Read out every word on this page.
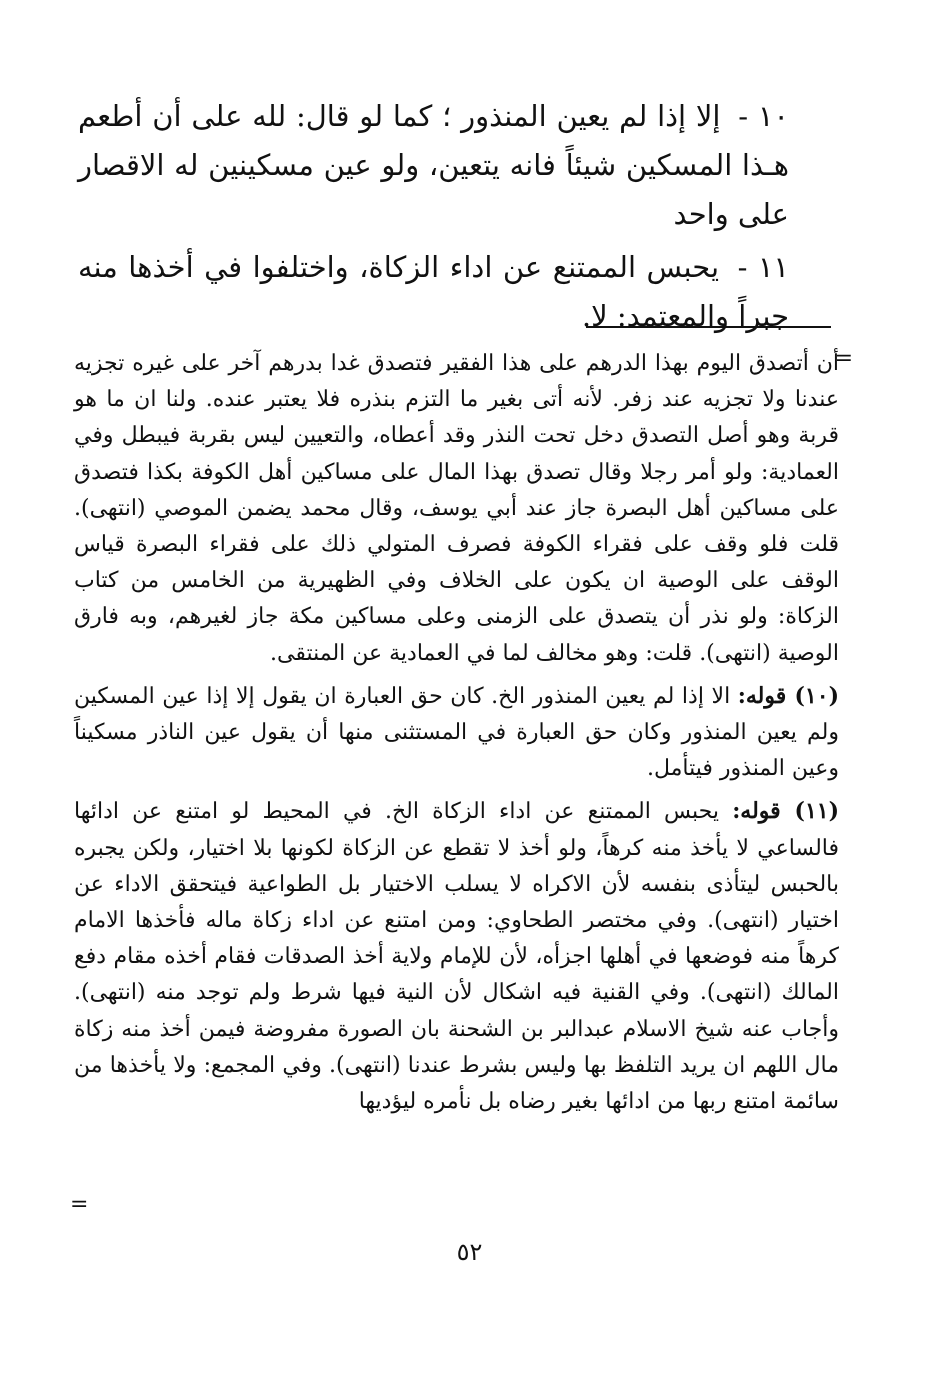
١٠ - إلا إذا لم يعين المنذور ؛ كما لو قال: لله على أن أطعم هـذا المسكين شيئاً فانه يتعين، ولو عين مسكينين له الاقصار على واحد

١١ - يحبس الممتنع عن اداء الزكاة، واختلفوا في أخذها منه جبراً والمعتمد: لا.

=

أن أتصدق اليوم بهذا الدرهم على هذا الفقير فتصدق غدا بدرهم آخر على غيره تجزيه عندنا ولا تجزيه عند زفر. لأنه أتى بغير ما التزم بنذره فلا يعتبر عنده. ولنا ان ما هو قربة وهو أصل التصدق دخل تحت النذر وقد أعطاه، والتعيين ليس بقربة فيبطل وفي العمادية: ولو أمر رجلا وقال تصدق بهذا المال على مساكين أهل الكوفة بكذا فتصدق على مساكين أهل البصرة جاز عند أبي يوسف، وقال محمد يضمن الموصي (انتهى). قلت فلو وقف على فقراء الكوفة فصرف المتولي ذلك على فقراء البصرة قياس الوقف على الوصية ان يكون على الخلاف وفي الظهيرية من الخامس من كتاب الزكاة: ولو نذر أن يتصدق على الزمنى وعلى مساكين مكة جاز لغيرهم، وبه فارق الوصية (انتهى). قلت: وهو مخالف لما في العمادية عن المنتقى.

(١٠) قوله: الا إذا لم يعين المنذور الخ. كان حق العبارة ان يقول إلا إذا عين المسكين ولم يعين المنذور وكان حق العبارة في المستثنى منها أن يقول عين الناذر مسكيناً وعين المنذور فيتأمل.

(١١) قوله: يحبس الممتنع عن اداء الزكاة الخ. في المحيط لو امتنع عن ادائها فالساعي لا يأخذ منه كرهاً، ولو أخذ لا تقطع عن الزكاة لكونها بلا اختيار، ولكن يجبره بالحبس ليتأذى بنفسه لأن الاكراه لا يسلب الاختيار بل الطواعية فيتحقق الاداء عن اختيار (انتهى). وفي مختصر الطحاوي: ومن امتنع عن اداء زكاة ماله فأخذها الامام كرهاً منه فوضعها في أهلها اجزأه، لأن للإمام ولاية أخذ الصدقات فقام أخذه مقام دفع المالك (انتهى). وفي القنية فيه اشكال لأن النية فيها شرط ولم توجد منه (انتهى). وأجاب عنه شيخ الاسلام عبدالبر بن الشحنة بان الصورة مفروضة فيمن أخذ منه زكاة مال اللهم ان يريد التلفظ بها وليس بشرط عندنا (انتهى). وفي المجمع: ولا يأخذها من سائمة امتنع ربها من ادائها بغير رضاه بل نأمره ليؤديها

=
٥٢
